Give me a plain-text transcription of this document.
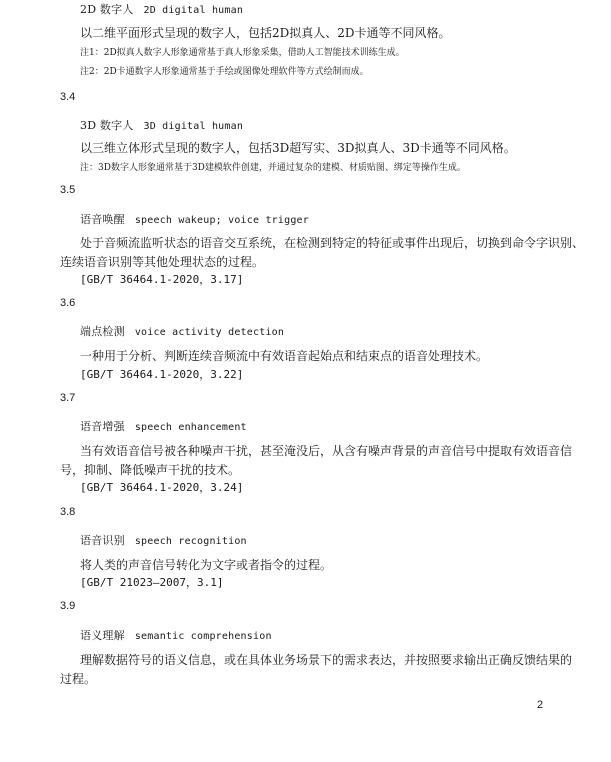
2D 数字人 2D digital human

以二维平面形式呈现的数字人，包括2D拟真人、2D卡通等不同风格。

注1：2D拟真人数字人形象通常基于真人形象采集，借助人工智能技术训练生成。

注2：2D卡通数字人形象通常基于手绘或图像处理软件等方式绘制而成。

3.4

3D 数字人 3D digital human

以三维立体形式呈现的数字人，包括3D超写实、3D拟真人、3D卡通等不同风格。

注：3D数字人形象通常基于3D建模软件创建，并通过复杂的建模、材质贴图、绑定等操作生成。

3.5

语音唤醒 speech wakeup; voice trigger

处于音频流监听状态的语音交互系统，在检测到特定的特征或事件出现后，切换到命令字识别、

连续语音识别等其他处理状态的过程。

[GB/T 36464.1-2020，3.17]

3.6

端点检测 voice activity detection

一种用于分析、判断连续音频流中有效语音起始点和结束点的语音处理技术。

[GB/T 36464.1-2020，3.22]

3.7

语音增强 speech enhancement

当有效语音信号被各种噪声干扰，甚至淹没后，从含有噪声背景的声音信号中提取有效语音信

号，抑制、降低噪声干扰的技术。

[GB/T 36464.1-2020，3.24]

3.8

语音识别 speech recognition

将人类的声音信号转化为文字或者指令的过程。

[GB/T 21023—2007，3.1]

3.9

语义理解 semantic comprehension

理解数据符号的语义信息，或在具体业务场景下的需求表达，并按照要求输出正确反馈结果的

过程。

2
